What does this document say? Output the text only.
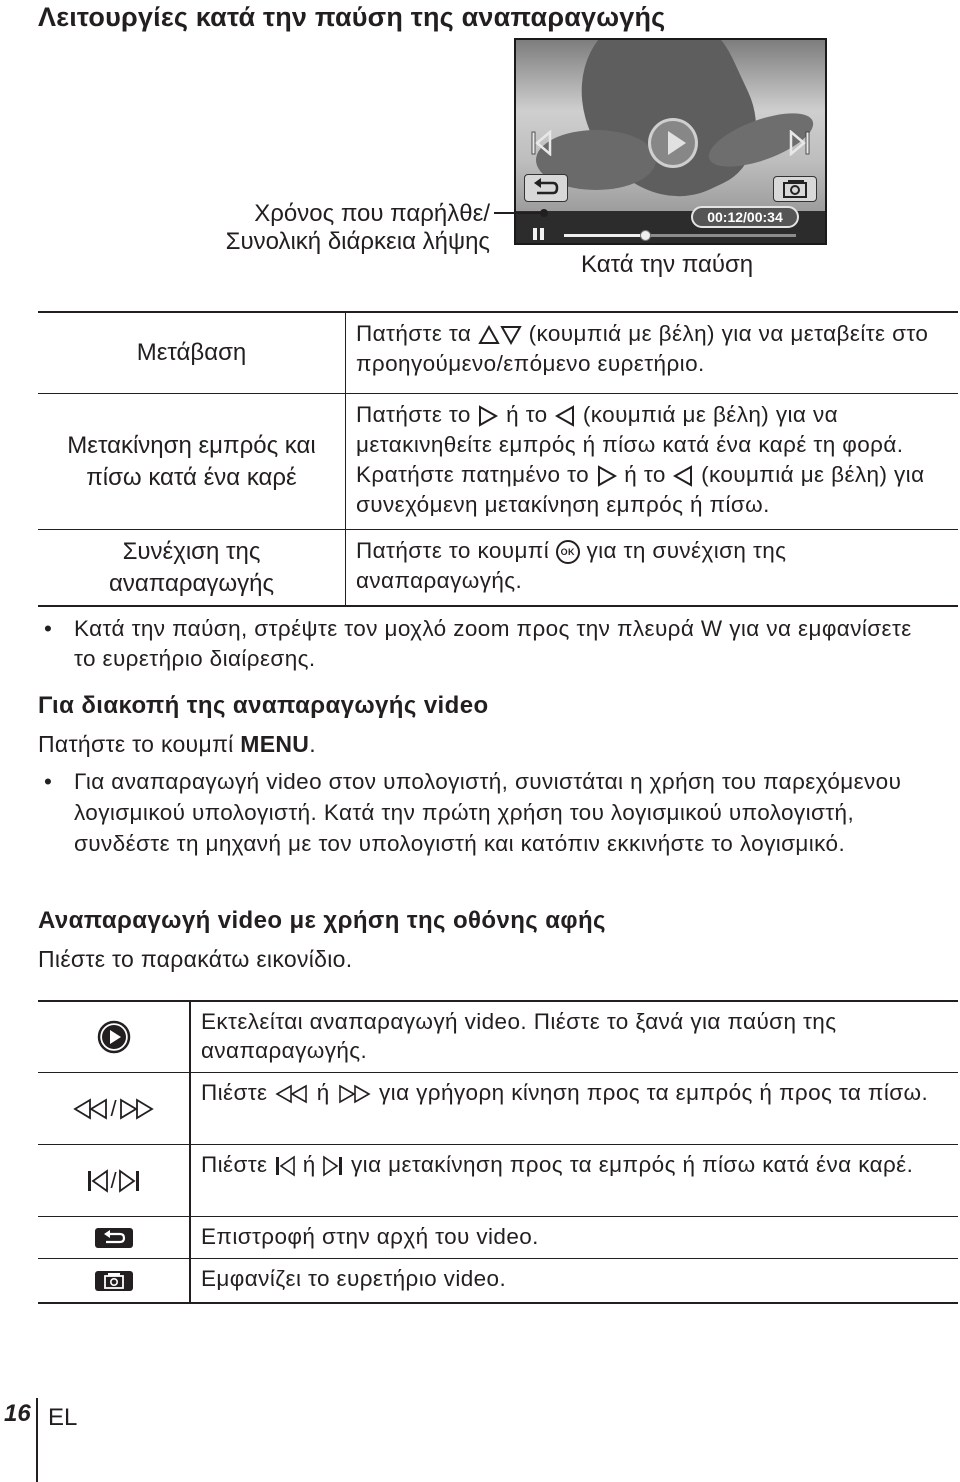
Λειτουργίες κατά την παύση της αναπαραγωγής
00:12/00:34
Χρόνος που παρήλθε/
Συνολική διάρκεια λήψης
Κατά την παύση
Μετάβαση
Πατήστε τα	(κουμπιά με βέλη) για να μεταβείτε στο προηγούμενο/επόμενο ευρετήριο.
Μετακίνηση εμπρός και
πίσω κατά ένα καρέ
Πατήστε το ή το (κουμπιά με βέλη) για να μετακινηθείτε εμπρός ή πίσω κατά ένα καρέ τη φορά. Κρατήστε πατημένο το ή το (κουμπιά με βέλη) για συνεχόμενη μετακίνηση εμπρός ή πίσω.
Συνέχιση της
αναπαραγωγής
Πατήστε το κουμπί OK για τη συνέχιση της αναπαραγωγής.
• Κατά την παύση, στρέψτε τον μοχλό zoom προς την πλευρά W για να εμφανίσετε το ευρετήριο διαίρεσης.
Για διακοπή της αναπαραγωγής video
Πατήστε το κουμπί MENU.
• Για αναπαραγωγή video στον υπολογιστή, συνιστάται η χρήση του παρεχόμενου λογισμικού υπολογιστή. Κατά την πρώτη χρήση του λογισμικού υπολογιστή, συνδέστε τη μηχανή με τον υπολογιστή και κατόπιν εκκινήστε το λογισμικό.
Αναπαραγωγή video με χρήση της οθόνης αφής
Πιέστε το παρακάτω εικονίδιο.
Εκτελείται αναπαραγωγή video. Πιέστε το ξανά για παύση της αναπαραγωγής.
/
Πιέστε ή για γρήγορη κίνηση προς τα εμπρός ή προς τα πίσω.
/
Πιέστε ή για μετακίνηση προς τα εμπρός ή πίσω κατά ένα καρέ.
Επιστροφή στην αρχή του video.
Εμφανίζει το ευρετήριο video.
16 EL
